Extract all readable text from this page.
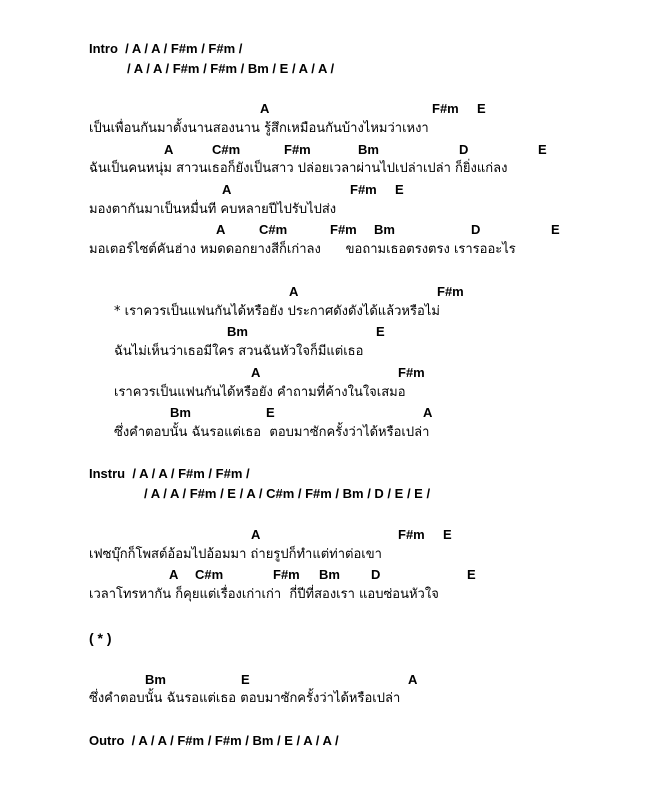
Intro  / A / A / F#m / F#m /
/ A / A / F#m / F#m / Bm / E / A / A /
A	F#m E
เป็นเพื่อนกันมาตั้งนานสองนาน รู้สึกเหมือนกันบ้างไหมว่าเหงา
A	C#m	F#m	Bm	D	E
ฉันเป็นคนหนุ่ม สาวนเธอก็ยังเป็นสาว ปล่อยเวลาผ่านไปเปล่าเปล่า ก็ยิ่งแก่ลง
A	F#m E
มองตากันมาเป็นหมื่นที คบหลายปีไปรับไปส่ง
A	C#m	F#m Bm	D	E
มอเตอร์ไซต์คันฮ่าง หมดดอกยางสีก็เก่าลง      ขอถามเธอตรงตรง เรารออะไร
A	F#m
* เราควรเป็นแฟนกันได้หรือยัง ประกาศดังดังได้แล้วหรือไม่
Bm	E
ฉันไม่เห็นว่าเธอมีใคร สวนฉันหัวใจก็มีแต่เธอ
A	F#m
เราควรเป็นแฟนกันได้หรือยัง คำถามที่ค้างในใจเสมอ
Bm	E	A
ซึ่งคำตอบนั้น ฉันรอแต่เธอ  ตอบมาซักครั้งว่าได้หรือเปล่า
Instru  / A / A / F#m / F#m /
/ A / A / F#m / E / A / C#m / F#m / Bm / D / E / E /
A	F#m E
เฟซบุ๊กก็โพสต์อ้อมไปอ้อมมา ถ่ายรูปก็ทำแต่ท่าต่อเขา
A C#m	F#m Bm D	E
เวลาโทรหากัน ก็คุยแต่เรื่องเก่าเก่า  กี่ปีที่สองเรา แอบซ่อนหัวใจ
( * )
Bm	E	A
ซึ่งคำตอบนั้น ฉันรอแต่เธอ ตอบมาซักครั้งว่าได้หรือเปล่า
Outro  / A / A / F#m / F#m / Bm / E / A / A /
